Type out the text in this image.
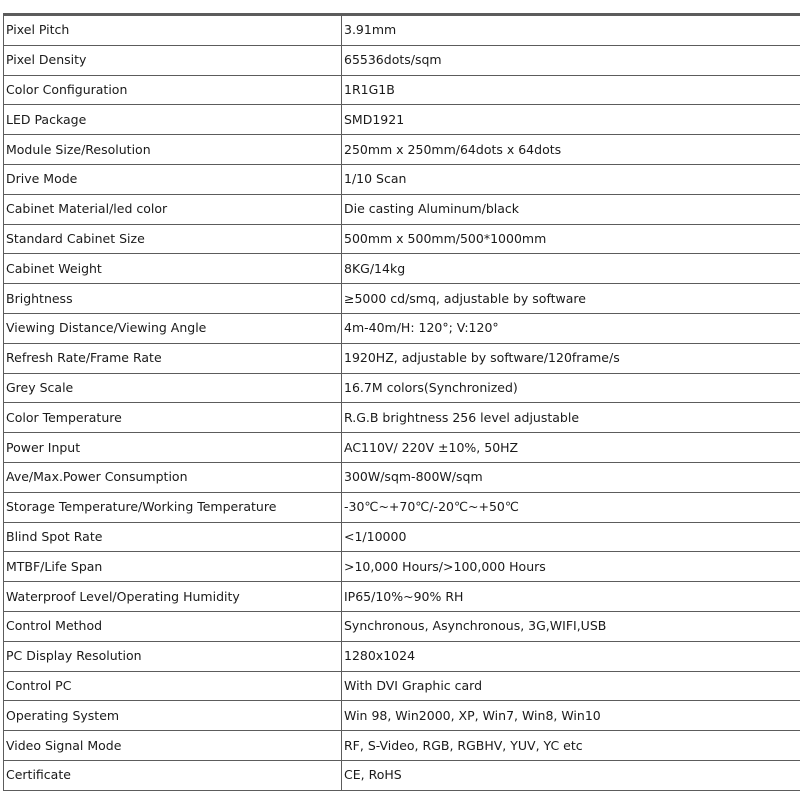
Pixel Pitch	3.91mm
Pixel Density	65536dots/sqm
Color Configuration	1R1G1B
LED Package	SMD1921
Module Size/Resolution	250mm x 250mm/64dots x 64dots
Drive Mode	1/10 Scan
Cabinet Material/led color	Die casting Aluminum/black
Standard Cabinet Size	500mm x 500mm/500*1000mm
Cabinet Weight	8KG/14kg
Brightness	≥5000 cd/smq, adjustable by software
Viewing Distance/Viewing Angle	4m-40m/H: 120°; V:120°
Refresh Rate/Frame Rate	1920HZ, adjustable by software/120frame/s
Grey Scale	16.7M colors(Synchronized)
Color Temperature	R.G.B brightness 256 level adjustable
Power Input	AC110V/ 220V ±10%, 50HZ
Ave/Max.Power Consumption	300W/sqm-800W/sqm
Storage Temperature/Working Temperature	-30℃~+70℃/-20℃~+50℃
Blind Spot Rate	<1/10000
MTBF/Life Span	>10,000 Hours/>100,000 Hours
Waterproof Level/Operating Humidity	IP65/10%~90% RH
Control Method	Synchronous, Asynchronous, 3G,WIFI,USB
PC Display Resolution	1280x1024
Control PC	With DVI Graphic card
Operating System	Win 98, Win2000, XP, Win7, Win8, Win10
Video Signal Mode	RF, S-Video, RGB, RGBHV, YUV, YC etc
Certificate	CE, RoHS
